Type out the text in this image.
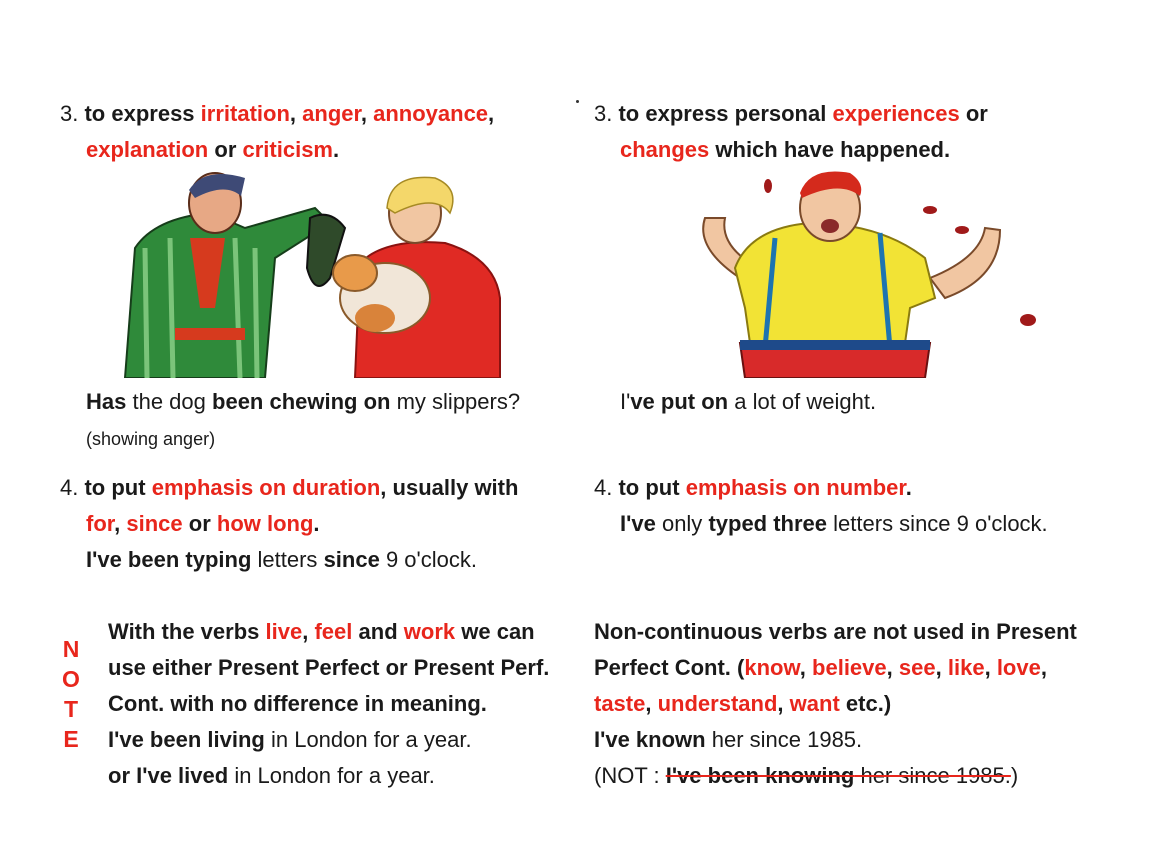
3. to express irritation, anger, annoyance,
explanation or criticism.
Has the dog been chewing on my slippers?
(showing anger)
3. to express personal experiences or
changes which have happened.
I've put on a lot of weight.
4. to put emphasis on duration, usually with
for, since or how long.
I've been typing letters since 9 o'clock.
4. to put emphasis on number.
I've only typed three letters since 9 o'clock.
N
O
T
E
With the verbs live, feel and work we can
use either Present Perfect or Present Perf.
Cont. with no difference in meaning.
I've been living in London for a year.
or I've lived in London for a year.
Non-continuous verbs are not used in Present
Perfect Cont. (know, believe, see, like, love,
taste, understand, want etc.)
I've known her since 1985.
(NOT : I've been knowing her since 1985.)
